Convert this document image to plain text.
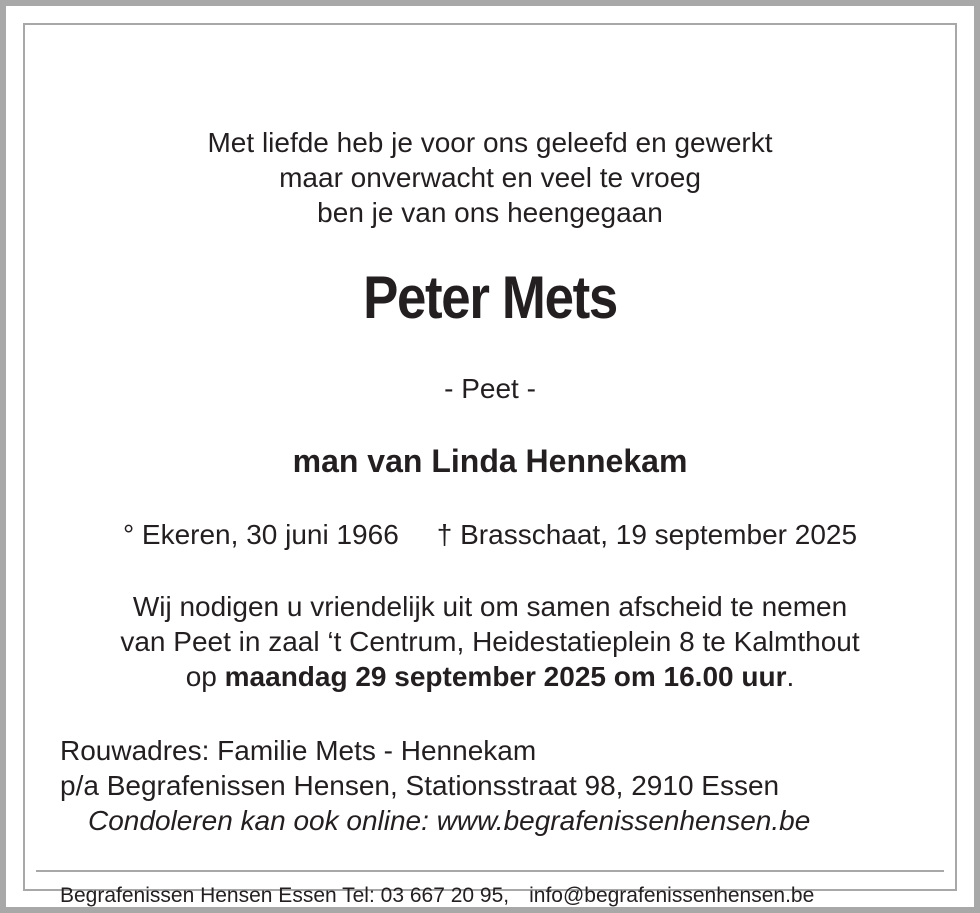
Met liefde heb je voor ons geleefd en gewerkt
maar onverwacht en veel te vroeg
ben je van ons heengegaan
Peter Mets
- Peet -
man van Linda Hennekam
° Ekeren, 30 juni 1966 † Brasschaat, 19 september 2025
Wij nodigen u vriendelijk uit om samen afscheid te nemen
van Peet in zaal ‘t Centrum, Heidestatieplein 8 te Kalmthout
op maandag 29 september 2025 om 16.00 uur.
Rouwadres: Familie Mets - Hennekam
p/a Begrafenissen Hensen, Stationsstraat 98, 2910 Essen
Condoleren kan ook online: www.begrafenissenhensen.be
Begrafenissen Hensen Essen Tel: 03 667 20 95, info@begrafenissenhensen.be
